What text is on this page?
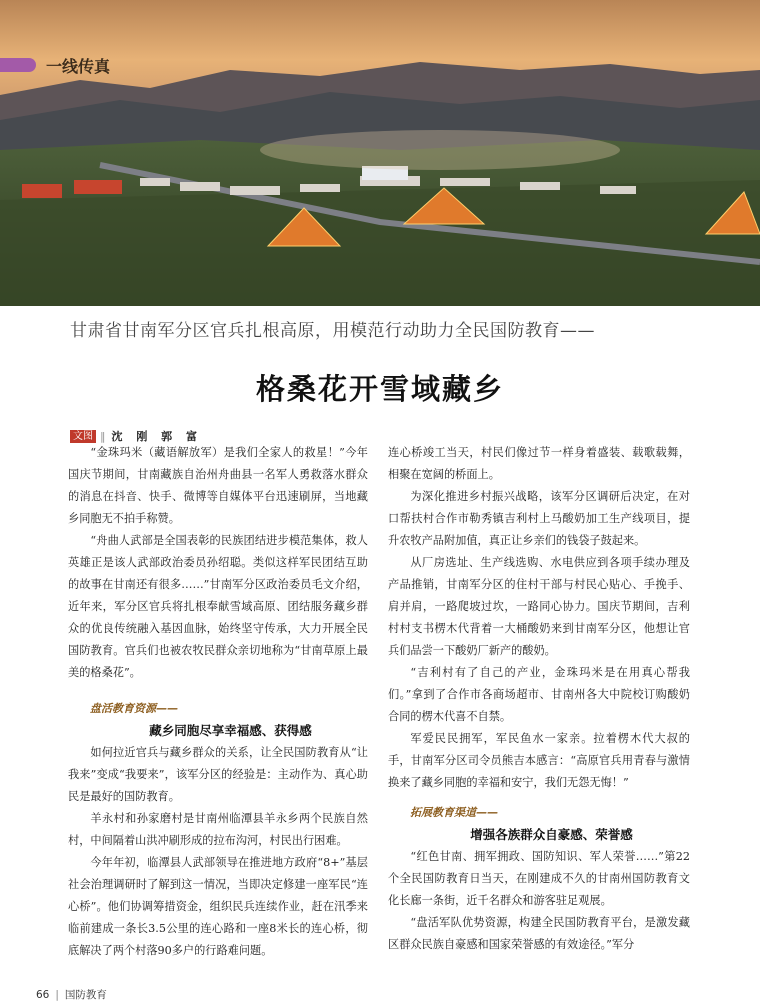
一线传真
甘肃省甘南军分区官兵扎根高原，用模范行动助力全民国防教育——
格桑花开雪域藏乡
文图 ‖ 沈 刚 郭 富

“金珠玛米（藏语解放军）是我们全家人的救星！”今年国庆节期间，甘南藏族自治州舟曲县一名军人勇救落水群众的消息在抖音、快手、微博等自媒体平台迅速刷屏，当地藏乡同胞无不拍手称赞。

“舟曲人武部是全国表彰的民族团结进步模范集体，救人英雄正是该人武部政治委员孙绍聪。类似这样军民团结互助的故事在甘南还有很多……”甘南军分区政治委员毛文介绍，近年来，军分区官兵将扎根奉献雪域高原、团结服务藏乡群众的优良传统融入基因血脉，始终坚守传承，大力开展全民国防教育。官兵们也被农牧民群众亲切地称为“甘南草原上最美的格桑花”。

盘活教育资源——

藏乡同胞尽享幸福感、获得感

如何拉近官兵与藏乡群众的关系，让全民国防教育从“让我来”变成“我要来”，该军分区的经验是：主动作为、真心助民是最好的国防教育。

羊永村和孙家磨村是甘南州临潭县羊永乡两个民族自然村，中间隔着山洪冲刷形成的拉布沟河，村民出行困难。

今年年初，临潭县人武部领导在推进地方政府“8+”基层社会治理调研时了解到这一情况，当即决定修建一座军民“连心桥”。他们协调筹措资金，组织民兵连续作业，赶在汛季来临前建成一条长3.5公里的连心路和一座8米长的连心桥，彻底解决了两个村落90多户的行路难问题。

连心桥竣工当天，村民们像过节一样身着盛装、载歌载舞，相聚在宽阔的桥面上。

为深化推进乡村振兴战略，该军分区调研后决定，在对口帮扶村合作市勒秀镇吉利村上马酸奶加工生产线项目，提升农牧产品附加值，真正让乡亲们的钱袋子鼓起来。

从厂房选址、生产线选购、水电供应到各项手续办理及产品推销，甘南军分区的住村干部与村民心贴心、手挽手、肩并肩，一路爬坡过坎，一路同心协力。国庆节期间，吉利村村支书楞木代背着一大桶酸奶来到甘南军分区，他想让官兵们品尝一下酸奶厂新产的酸奶。

“吉利村有了自己的产业，金珠玛米是在用真心帮我们。”拿到了合作市各商场超市、甘南州各大中院校订购酸奶合同的楞木代喜不自禁。

军爱民民拥军，军民鱼水一家亲。拉着楞木代大叔的手，甘南军分区司令员熊吉本感言：“高原官兵用青春与激情换来了藏乡同胞的幸福和安宁，我们无怨无悔！”

拓展教育渠道——

增强各族群众自豪感、荣誉感

“红色甘南、拥军拥政、国防知识、军人荣誉……”第22个全民国防教育日当天，在刚建成不久的甘南州国防教育文化长廊一条街，近千名群众和游客驻足观展。

“盘活军队优势资源，构建全民国防教育平台，是激发藏区群众民族自豪感和国家荣誉感的有效途径。”军分

66 | 国防教育
